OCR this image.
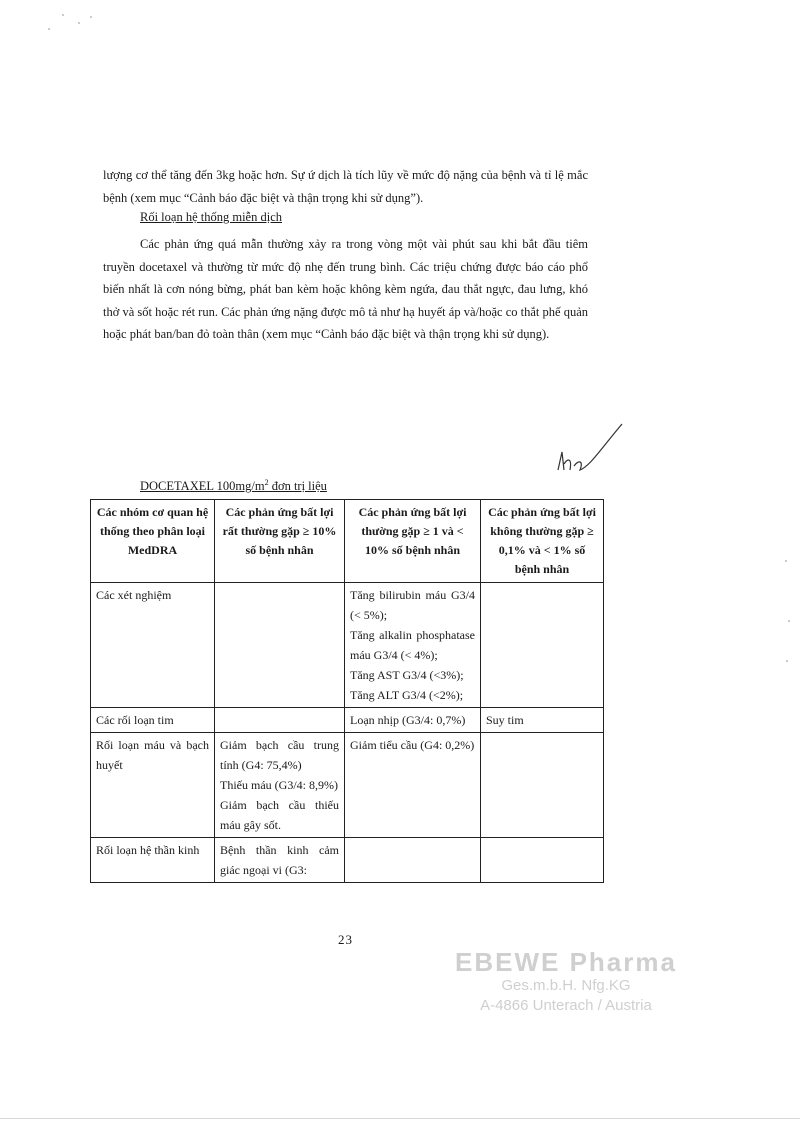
lượng cơ thể tăng đến 3kg hoặc hơn. Sự ứ dịch là tích lũy về mức độ nặng của bệnh và tỉ lệ mắc bệnh (xem mục “Cảnh báo đặc biệt và thận trọng khi sử dụng”).

Rối loạn hệ thống miễn dịch

Các phản ứng quá mẫn thường xảy ra trong vòng một vài phút sau khi bắt đầu tiêm truyền docetaxel và thường từ mức độ nhẹ đến trung bình. Các triệu chứng được báo cáo phổ biến nhất là cơn nóng bừng, phát ban kèm hoặc không kèm ngứa, đau thắt ngực, đau lưng, khó thở và sốt hoặc rét run. Các phản ứng nặng được mô tả như hạ huyết áp và/hoặc co thắt phế quản hoặc phát ban/ban đỏ toàn thân (xem mục “Cảnh báo đặc biệt và thận trọng khi sử dụng).

DOCETAXEL $100mg/m^2$ đơn trị liệu
Các nhóm cơ quan hệ thống theo phân loại MedDRA	Các phản ứng bất lợi rất thường gặp ≥ 10% số bệnh nhân	Các phản ứng bất lợi thường gặp ≥ 1 và < 10% số bệnh nhân	Các phản ứng bất lợi không thường gặp ≥ 0,1% và < 1% số bệnh nhân

Các xét nghiệm		Tăng bilirubin máu G3/4 (< 5%);
Tăng alkalin phosphatase máu G3/4 (< 4%);
Tăng AST G3/4 (<3%);
Tăng ALT G3/4 (<2%);	

Các rối loạn tim		Loạn nhịp (G3/4: 0,7%)	Suy tim

Rối loạn máu và bạch huyết	Giảm bạch cầu trung tính (G4: 75,4%)
Thiếu máu (G3/4: 8,9%)
Giảm bạch cầu thiếu máu gây sốt.	Giảm tiểu cầu (G4: 0,2%)	

Rối loạn hệ thần kinh	Bệnh thần kinh cảm giác ngoại vi (G3:		

23
EBEWE Pharma
Ges.m.b.H. Nfg.KG
A-4866 Unterach / Austria
